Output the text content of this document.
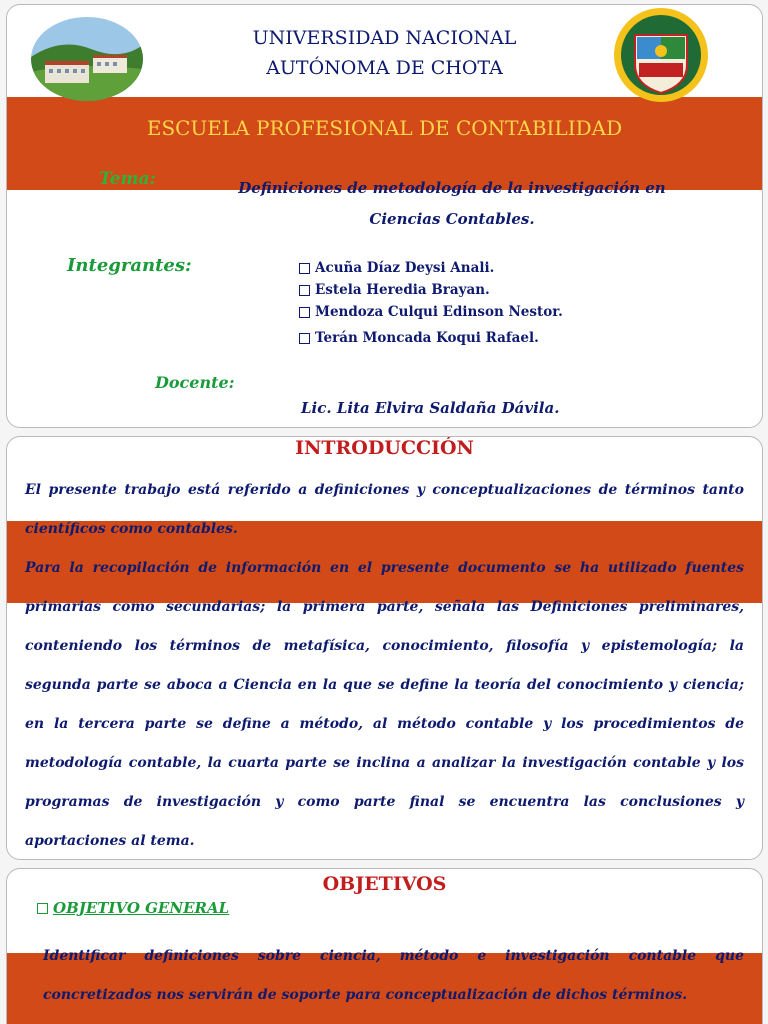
UNIVERSIDAD NACIONAL
AUTÓNOMA DE CHOTA
ESCUELA PROFESIONAL DE CONTABILIDAD
Tema:	Definiciones de metodología de la investigación en
Ciencias Contables.
Integrantes:	Acuña Díaz Deysi Anali.
Estela Heredia Brayan.
Mendoza Culqui Edinson Nestor.
Terán Moncada Koqui Rafael.
Docente:
Lic. Lita Elvira Saldaña Dávila.
INTRODUCCIÓN

El presente trabajo está referido a definiciones y conceptualizaciones de términos tanto científicos como contables.

Para la recopilación de información en el presente documento se ha utilizado fuentes primarias como secundarias; la primera parte, señala las Definiciones preliminares, conteniendo los términos de metafísica, conocimiento, filosofía y epistemología; la segunda parte se aboca a Ciencia en la que se define la teoría del conocimiento y ciencia; en la tercera parte se define a método, al método contable y los procedimientos de metodología contable, la cuarta parte se inclina a analizar la investigación contable y los programas de investigación y como parte final se encuentra las conclusiones y aportaciones al tema.

OBJETIVOS
OBJETIVO GENERAL
Identificar definiciones sobre ciencia, método e investigación contable que concretizados nos servirán de soporte para conceptualización de dichos términos.
